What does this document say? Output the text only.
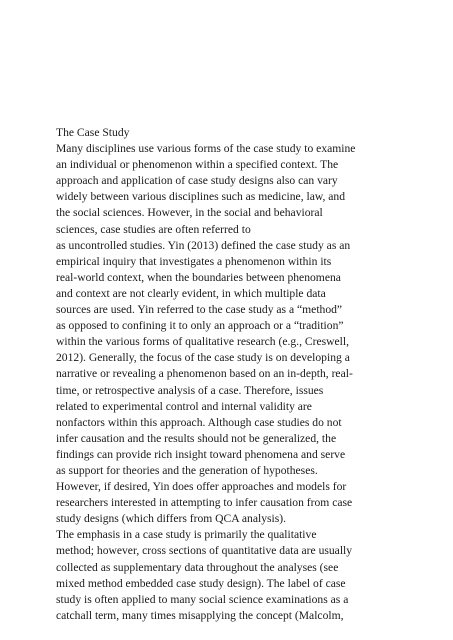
The Case Study
Many disciplines use various forms of the case study to examine
an individual or phenomenon within a specified context. The
approach and application of case study designs also can vary
widely between various disciplines such as medicine, law, and
the social sciences. However, in the social and behavioral
sciences, case studies are often referred to
as uncontrolled studies. Yin (2013) defined the case study as an
empirical inquiry that investigates a phenomenon within its
real-world context, when the boundaries between phenomena
and context are not clearly evident, in which multiple data
sources are used. Yin referred to the case study as a “method”
as opposed to confining it to only an approach or a “tradition”
within the various forms of qualitative research (e.g., Creswell,
2012). Generally, the focus of the case study is on developing a
narrative or revealing a phenomenon based on an in-depth, real-
time, or retrospective analysis of a case. Therefore, issues
related to experimental control and internal validity are
nonfactors within this approach. Although case studies do not
infer causation and the results should not be generalized, the
findings can provide rich insight toward phenomena and serve
as support for theories and the generation of hypotheses.
However, if desired, Yin does offer approaches and models for
researchers interested in attempting to infer causation from case
study designs (which differs from QCA analysis).
The emphasis in a case study is primarily the qualitative
method; however, cross sections of quantitative data are usually
collected as supplementary data throughout the analyses (see
mixed method embedded case study design). The label of case
study is often applied to many social science examinations as a
catchall term, many times misapplying the concept (Malcolm,
